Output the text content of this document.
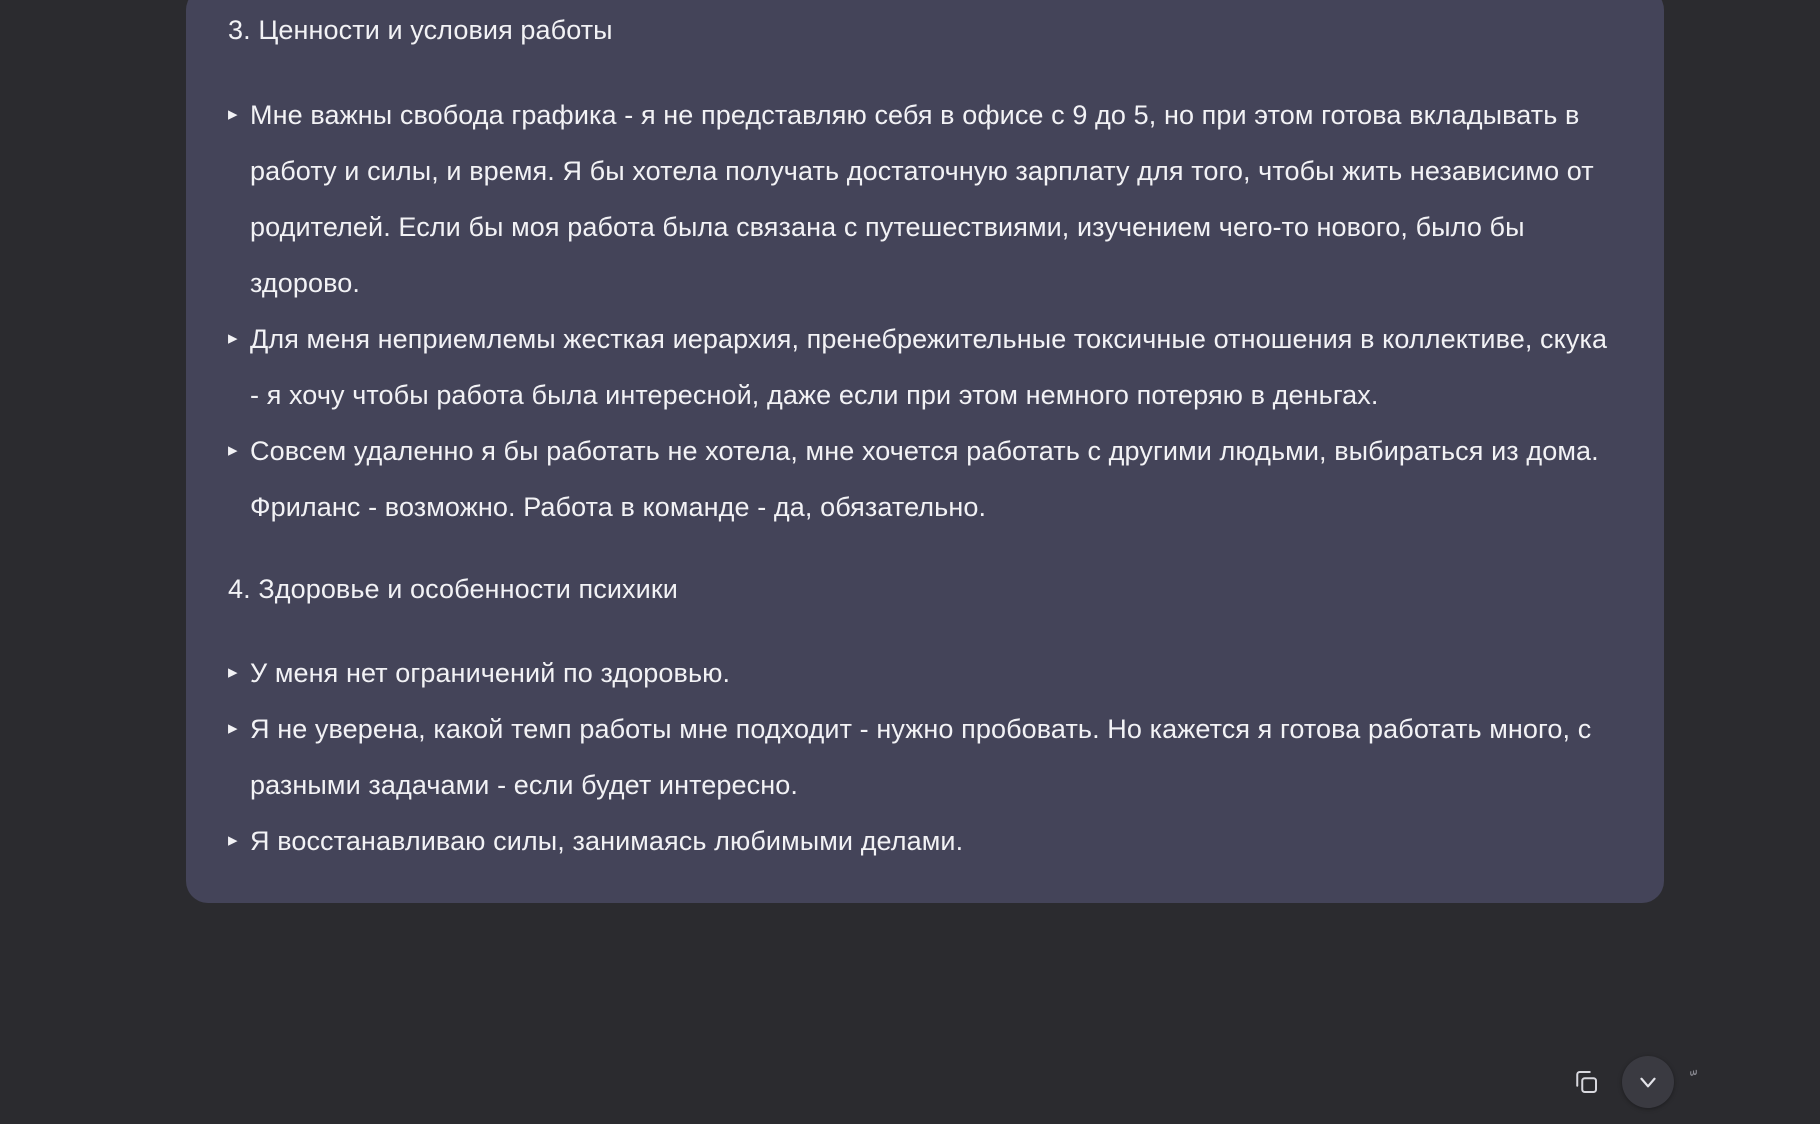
3. Ценности и условия работы
▸ Мне важны свобода графика - я не представляю себя в офисе с 9 до 5, но при этом готова вкладывать в работу и силы, и время. Я бы хотела получать достаточную зарплату для того, чтобы жить независимо от родителей. Если бы моя работа была связана с путешествиями, изучением чего-то нового, было бы здорово.
▸ Для меня неприемлемы жесткая иерархия, пренебрежительные токсичные отношения в коллективе, скука - я хочу чтобы работа была интересной, даже если при этом немного потеряю в деньгах.
▸ Совсем удаленно я бы работать не хотела, мне хочется работать с другими людьми, выбираться из дома. Фриланс - возможно. Работа в команде - да, обязательно.
4. Здоровье и особенности психики
▸ У меня нет ограничений по здоровью.
▸ Я не уверена, какой темп работы мне подходит - нужно пробовать. Но кажется я готова работать много, с разными задачами - если будет интересно.
▸ Я восстанавливаю силы, занимаясь любимыми делами.
